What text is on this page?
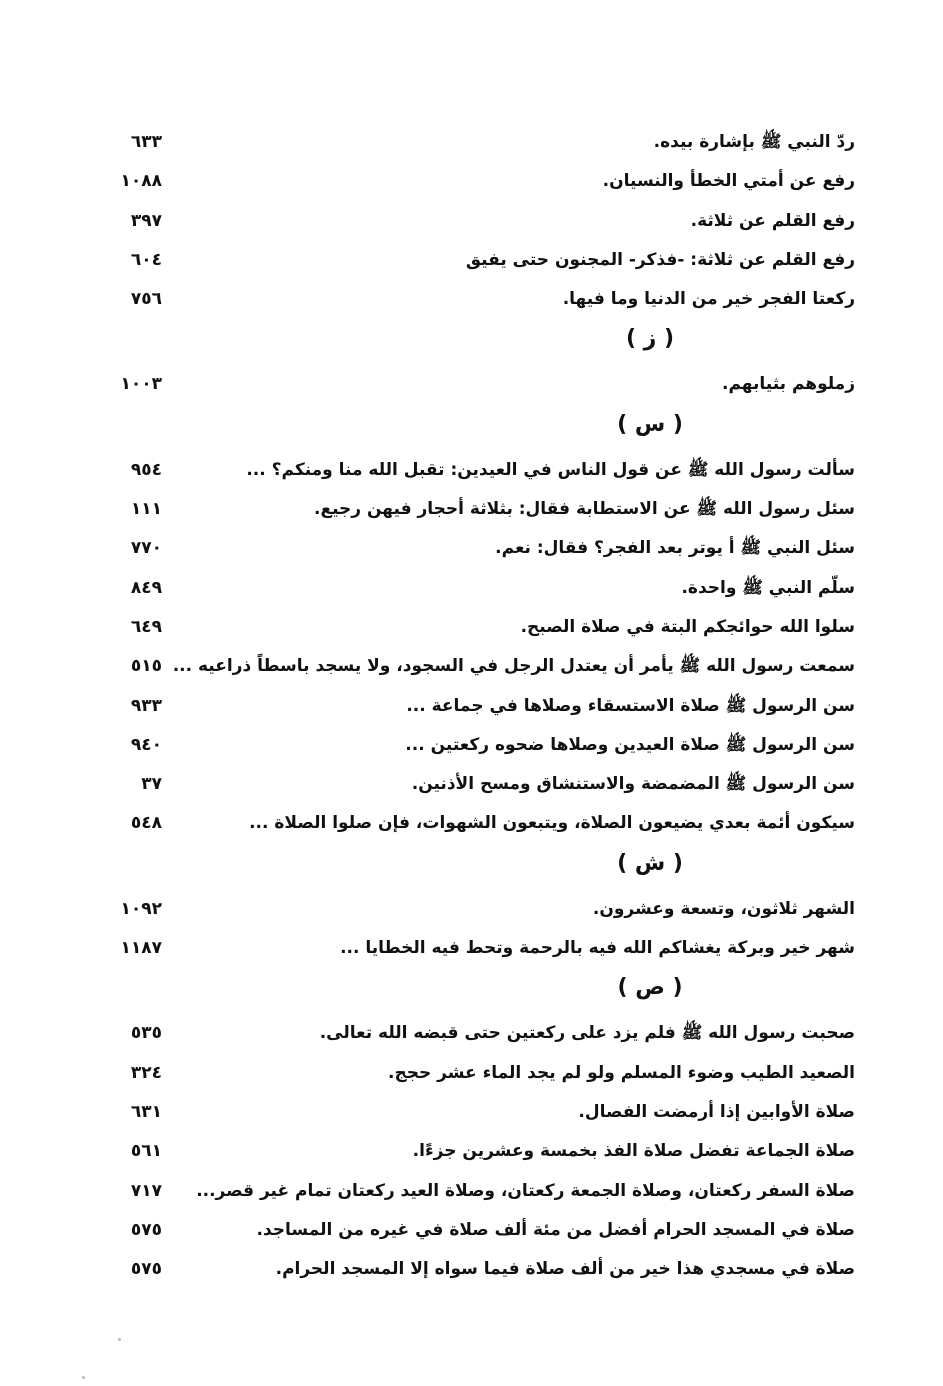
ردّ النبي ﷺ بإشارة بيده.
٦٣٣
رفع عن أمتي الخطأ والنسيان.
١٠٨٨
رفع القلم عن ثلاثة.
٣٩٧
رفع القلم عن ثلاثة: -فذكر- المجنون حتى يفيق
٦٠٤
ركعتا الفجر خير من الدنيا وما فيها.
٧٥٦
( ز )
زملوهم بثيابهم.
١٠٠٣
( س )
سألت رسول الله ﷺ عن قول الناس في العيدين: تقبل الله منا ومنكم؟ ...
٩٥٤
سئل رسول الله ﷺ عن الاستطابة فقال: بثلاثة أحجار فيهن رجيع.
١١١
سئل النبي ﷺ أ يوتر بعد الفجر؟ فقال: نعم.
٧٧٠
سلّم النبي ﷺ واحدة.
٨٤٩
سلوا الله حوائجكم البتة في صلاة الصبح.
٦٤٩
سمعت رسول الله ﷺ يأمر أن يعتدل الرجل في السجود، ولا يسجد باسطاً ذراعيه ...
٥١٥
سن الرسول ﷺ صلاة الاستسقاء وصلاها في جماعة ...
٩٣٣
سن الرسول ﷺ صلاة العيدين وصلاها ضحوه ركعتين ...
٩٤٠
سن الرسول ﷺ المضمضة والاستنشاق ومسح الأذنين.
٣٧
سيكون أئمة بعدي يضيعون الصلاة، ويتبعون الشهوات، فإن صلوا الصلاة ...
٥٤٨
( ش )
الشهر ثلاثون، وتسعة وعشرون.
١٠٩٢
شهر خير وبركة يغشاكم الله فيه بالرحمة وتحط فيه الخطايا ...
١١٨٧
( ص )
صحبت رسول الله ﷺ فلم يزد على ركعتين حتى قبضه الله تعالى.
٥٣٥
الصعيد الطيب وضوء المسلم ولو لم يجد الماء عشر حجج.
٣٢٤
صلاة الأوابين إذا أرمضت الفصال.
٦٣١
صلاة الجماعة تفضل صلاة الفذ بخمسة وعشرين جزءًا.
٥٦١
صلاة السفر ركعتان، وصلاة الجمعة ركعتان، وصلاة العيد ركعتان تمام غير قصر...
٧١٧
صلاة في المسجد الحرام أفضل من مئة ألف صلاة في غيره من المساجد.
٥٧٥
صلاة في مسجدي هذا خير من ألف صلاة فيما سواه إلا المسجد الحرام.
٥٧٥
